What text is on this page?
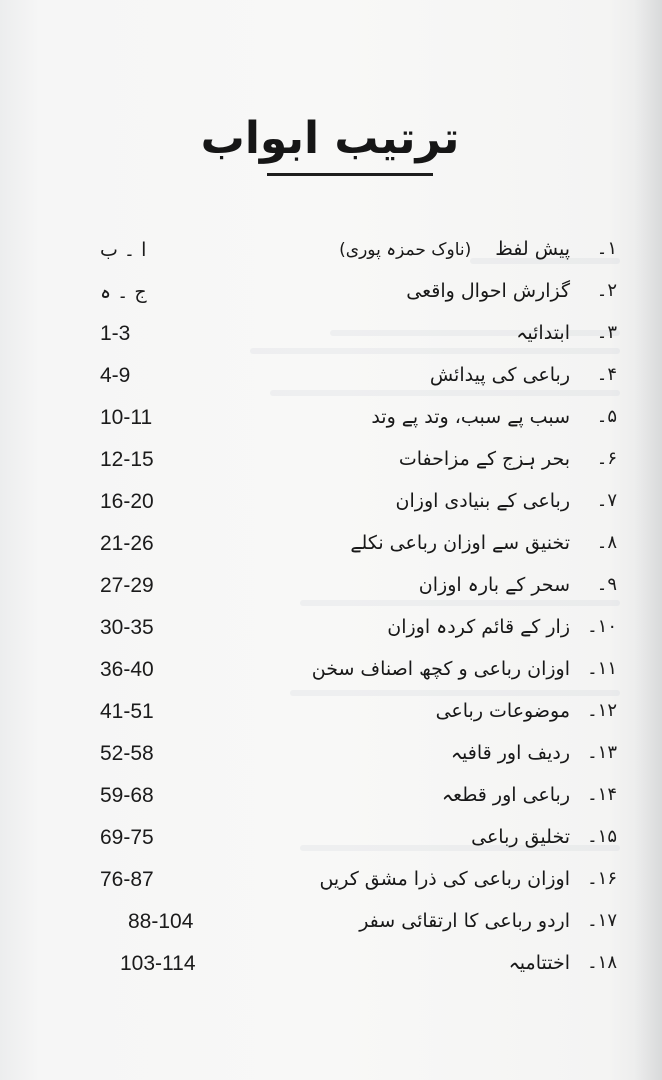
ترتیب ابواب
۱۔
پیش لفظ(ناوک حمزہ پوری)
ا ۔ ب
۲۔
گزارش احوال واقعی
ج ۔ ہ
۳۔
ابتدائیہ
1-3
۴۔
رباعی کی پیدائش
4-9
۵۔
سبب پے سبب، وتد پے وتد
10-11
۶۔
بحر ہزج کے مزاحفات
12-15
۷۔
رباعی کے بنیادی اوزان
16-20
۸۔
تخنیق سے اوزان رباعی نکلے
21-26
۹۔
سحر کے بارہ اوزان
27-29
۱۰۔
زار کے قائم کردہ اوزان
30-35
۱۱۔
اوزان رباعی و کچھ اصناف سخن
36-40
۱۲۔
موضوعات رباعی
41-51
۱۳۔
ردیف اور قافیہ
52-58
۱۴۔
رباعی اور قطعہ
59-68
۱۵۔
تخلیق رباعی
69-75
۱۶۔
اوزان رباعی کی ذرا مشق کریں
76-87
۱۷۔
اردو رباعی کا ارتقائی سفر
88-104
۱۸۔
اختتامیہ
103-114
